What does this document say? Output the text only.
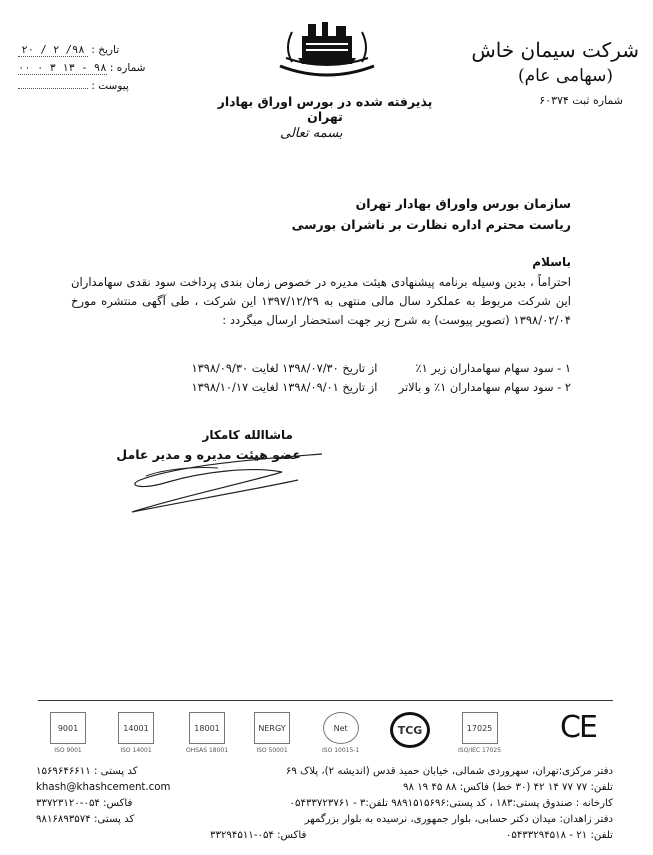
شرکت سیمان خاش
(سهامی عام)
شماره ثبت ۶۰۳۷۴
پذیرفته شده در بورس اوراق بهادار تهران
تاریخ : ۹۸/ ۲ / ۲۰
شماره : ۹۸ - ۱۳ ۳ ۰ ۰۰
پیوست :
بسمه تعالی
سازمان بورس واوراق بهادار تهران
ریاست محترم اداره نظارت بر ناشران بورسی
باسلام
احتراماً ، بدین وسیله برنامه پیشنهادی هیئت مدیره در خصوص زمان بندی پرداخت سود نقدی سهامداران این شرکت مربوط به عملکرد سال مالی منتهی به ۱۳۹۷/۱۲/۲۹ این شرکت ، طی آگهی منتشره مورخ ۱۳۹۸/۰۲/۰۴ (تصویر پیوست) به شرح زیر جهت استحضار ارسال میگردد :
۱ - سود سهام سهامداران زیر ۱٪ از تاریخ ۱۳۹۸/۰۷/۳۰ لغایت ۱۳۹۸/۰۹/۳۰
۲ - سود سهام سهامداران ۱٪ و بالاتر از تاریخ ۱۳۹۸/۰۹/۰۱ لغایت ۱۳۹۸/۱۰/۱۷
ماشاالله کامکار
عضو هیئت مدیره و مدیر عامل
9001
ISO 9001
14001
ISO 14001
18001
OHSAS 18001
NERGY
ISO 50001
Net
ISO 10015-1
TCG	17025
ISO/IEC 17025
CE
دفتر مرکزی:تهران، سهروردی شمالی، خیابان حمید قدس (اندیشه ۲)، پلاک ۶۹
کد پستی : ۱۵۶۹۶۴۶۶۱۱
تلفن: ۷۷ ۷۷ ۱۴ ۴۲ (۳۰ خط) فاکس: ۸۸ ۴۵ ۱۹ ۹۸
khash@khashcement.com
کارخانه : صندوق پستی:۱۸۳ ، کد پستی:۹۸۹۱۵۱۵۶۹۶ تلفن:۳ - ۰۵۴۳۳۷۲۳۷۶۱
فاکس: ۰۵۴-۳۳۷۲۳۱۲۰
دفتر زاهدان: میدان دکتر حسابی، بلوار جمهوری، نرسیده به بلوار بزرگمهر
کد پستی: ۹۸۱۶۸۹۳۵۷۴
تلفن: ۲۱ - ۰۵۴۳۳۲۹۴۵۱۸
فاکس: ۰۵۴-۳۳۲۹۴۵۱۱
